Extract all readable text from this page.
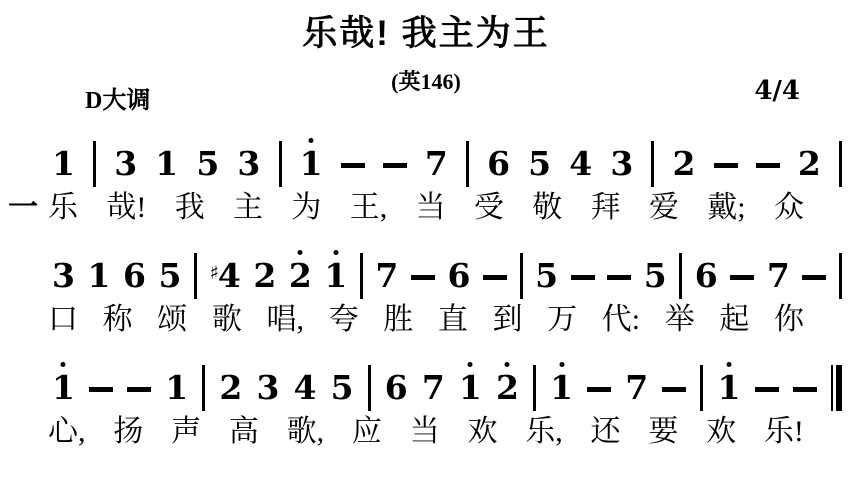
乐哉! 我主为王
(英146)
D大调	4/4
一
1 3 1 5 3 1	7 6 5 4 3 2	2
乐 哉! 我 主 为 王, 当 受 敬 拜 爱 戴; 众
3 1 6 5 ♯4 2 2 1 7 6 5	5 6 7
口 称 颂 歌 唱, 夸 胜 直 到 万 代: 举 起 你
1	1 2 3 4 5 6 7 1 2 1 7 1
心, 扬 声 高 歌, 应 当 欢 乐, 还 要 欢 乐!
